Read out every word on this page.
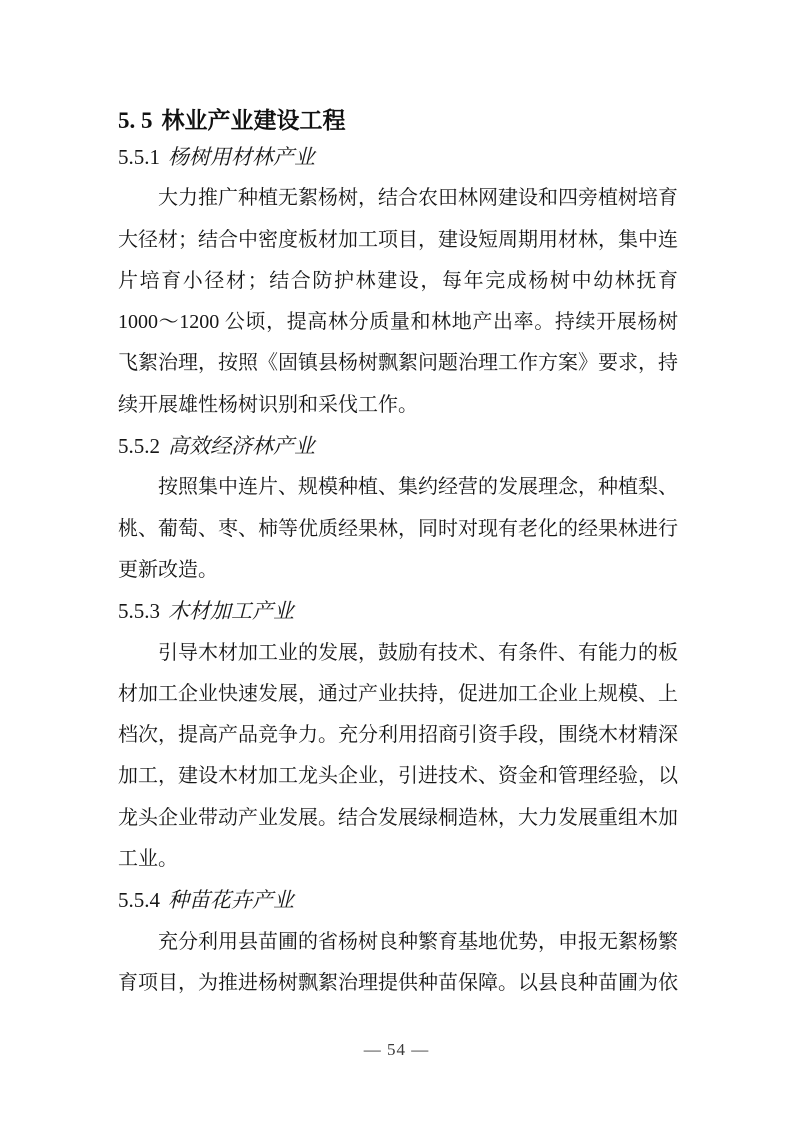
5. 5 林业产业建设工程
5.5.1 杨树用材林产业
大力推广种植无絮杨树，结合农田林网建设和四旁植树培育
大径材；结合中密度板材加工项目，建设短周期用材林，集中连
片培育小径材；结合防护林建设，每年完成杨树中幼林抚育
1000～1200 公顷，提高林分质量和林地产出率。持续开展杨树
飞絮治理，按照《固镇县杨树飘絮问题治理工作方案》要求，持
续开展雄性杨树识别和采伐工作。
5.5.2 高效经济林产业
按照集中连片、规模种植、集约经营的发展理念，种植梨、
桃、葡萄、枣、柿等优质经果林，同时对现有老化的经果林进行
更新改造。
5.5.3 木材加工产业
引导木材加工业的发展，鼓励有技术、有条件、有能力的板
材加工企业快速发展，通过产业扶持，促进加工企业上规模、上
档次，提高产品竞争力。充分利用招商引资手段，围绕木材精深
加工，建设木材加工龙头企业，引进技术、资金和管理经验，以
龙头企业带动产业发展。结合发展绿桐造林，大力发展重组木加
工业。
5.5.4 种苗花卉产业
充分利用县苗圃的省杨树良种繁育基地优势，申报无絮杨繁
育项目，为推进杨树飘絮治理提供种苗保障。以县良种苗圃为依
— 54 —
